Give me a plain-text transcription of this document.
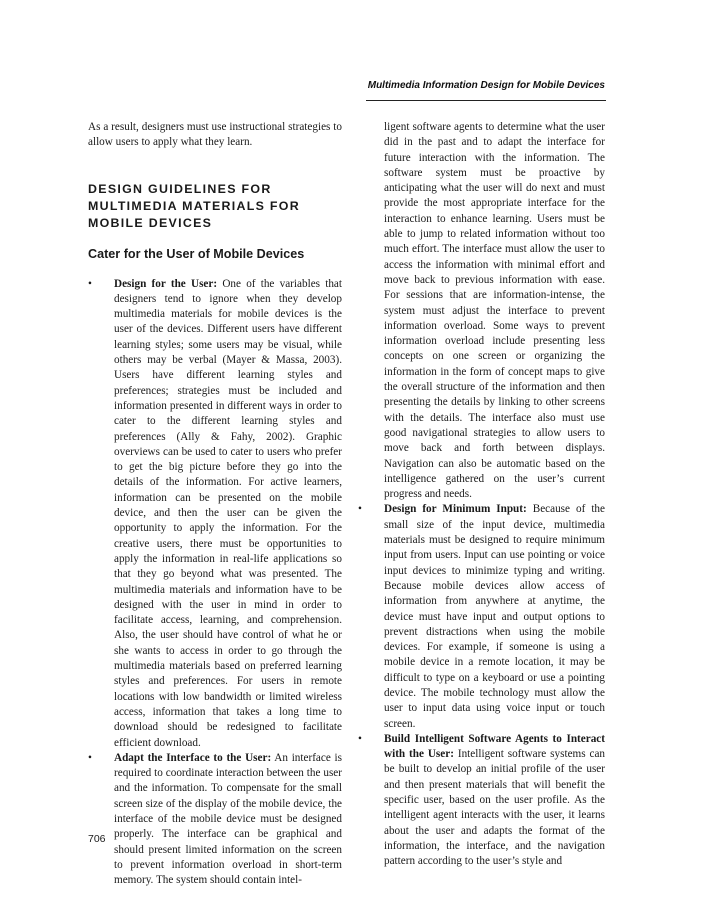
Multimedia Information Design for Mobile Devices

As a result, designers must use instructional strategies to allow users to apply what they learn.

DESIGN GUIDELINES FOR MULTIMEDIA MATERIALS FOR MOBILE DEVICES
Cater for the User of Mobile Devices
•	Design for the User: One of the variables that designers tend to ignore when they develop multimedia materials for mobile devices is the user of the devices. Different users have different learning styles; some users may be visual, while others may be verbal (Mayer & Massa, 2003). Users have different learning styles and preferences; strategies must be included and information presented in different ways in order to cater to the different learning styles and preferences (Ally & Fahy, 2002). Graphic overviews can be used to cater to users who prefer to get the big picture before they go into the details of the information. For active learners, information can be presented on the mobile device, and then the user can be given the opportunity to apply the information. For the creative users, there must be opportunities to apply the information in real-life applications so that they go beyond what was presented. The multimedia materials and information have to be designed with the user in mind in order to facilitate access, learning, and comprehension. Also, the user should have control of what he or she wants to access in order to go through the multimedia materials based on preferred learning styles and preferences. For users in remote locations with low bandwidth or limited wireless access, information that takes a long time to download should be redesigned to facilitate efficient download.

•	Adapt the Interface to the User: An interface is required to coordinate interaction between the user and the information. To compensate for the small screen size of the display of the mobile device, the interface of the mobile device must be designed properly. The interface can be graphical and should present limited information on the screen to prevent information overload in short-term memory. The system should contain intel-

ligent software agents to determine what the user did in the past and to adapt the interface for future interaction with the information. The software system must be proactive by anticipating what the user will do next and must provide the most appropriate interface for the interaction to enhance learning. Users must be able to jump to related information without too much effort. The interface must allow the user to access the information with minimal effort and move back to previous information with ease. For sessions that are information-intense, the system must adjust the interface to prevent information overload. Some ways to prevent information overload include presenting less concepts on one screen or organizing the information in the form of concept maps to give the overall structure of the information and then presenting the details by linking to other screens with the details. The interface also must use good navigational strategies to allow users to move back and forth between displays. Navigation can also be automatic based on the intelligence gathered on the user’s current progress and needs.

•	Design for Minimum Input: Because of the small size of the input device, multimedia materials must be designed to require minimum input from users. Input can use pointing or voice input devices to minimize typing and writing. Because mobile devices allow access of information from anywhere at anytime, the device must have input and output options to prevent distractions when using the mobile devices. For example, if someone is using a mobile device in a remote location, it may be difficult to type on a keyboard or use a pointing device. The mobile technology must allow the user to input data using voice input or touch screen.

•	Build Intelligent Software Agents to Interact with the User: Intelligent software systems can be built to develop an initial profile of the user and then present materials that will benefit the specific user, based on the user profile. As the intelligent agent interacts with the user, it learns about the user and adapts the format of the information, the interface, and the navigation pattern according to the user’s style and

706
